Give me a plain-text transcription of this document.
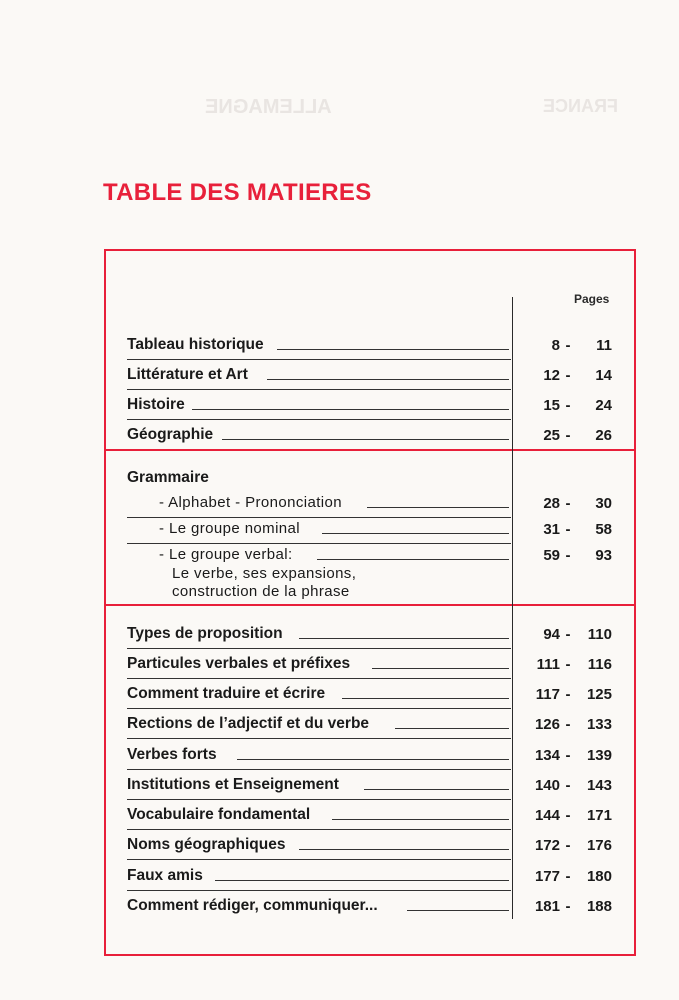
ALLEMAGNE	FRANCE
TABLE DES MATIERES
Pages
Tableau historique	8 -	11
Littérature et Art	12 -	14
Histoire	15 -	24
Géographie	25 -	26
Grammaire
- Alphabet - Prononciation	28 -	30
- Le groupe nominal	31 -	58
- Le groupe verbal:	59 -	93
Le verbe, ses expansions,
construction de la phrase
Types de proposition	94 -	110
Particules verbales et préfixes	111 -	116
Comment traduire et écrire	117 -	125
Rections de l’adjectif et du verbe	126 -	133
Verbes forts	134 -	139
Institutions et Enseignement	140 -	143
Vocabulaire fondamental	144 -	171
Noms géographiques	172 -	176
Faux amis	177 -	180
Comment rédiger, communiquer...	181 -	188
